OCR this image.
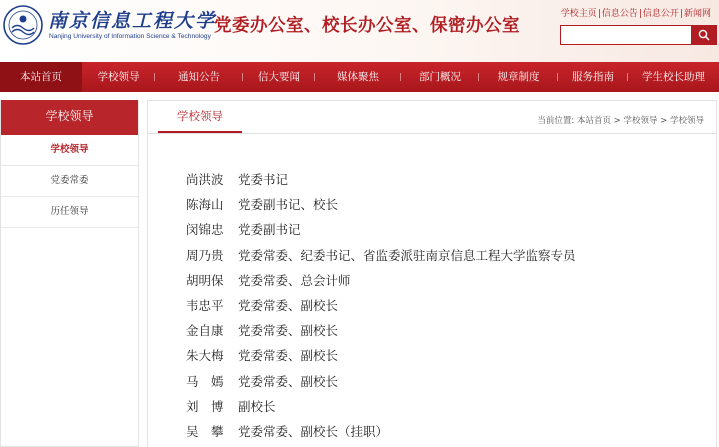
南京信息工程大学
Nanjing University of Information Science & Technology
党委办公室、校长办公室、保密办公室
学校主页|信息公告|信息公开|新闻网
本站首页	学校领导	通知公告	信大要闻	媒体聚焦	部门概况	规章制度	服务指南	学生校长助理
学校领导
学校领导
党委常委
历任领导
学校领导	当前位置: 本站首页 > 学校领导 > 学校领导
尚洪波 党委书记
陈海山 党委副书记、校长
闵锦忠 党委副书记
周乃贵 党委常委、纪委书记、省监委派驻南京信息工程大学监察专员
胡明保 党委常委、总会计师
韦忠平 党委常委、副校长
金自康 党委常委、副校长
朱大梅 党委常委、副校长
马　嫣 党委常委、副校长
刘　博 副校长
吴　攀 党委常委、副校长（挂职）
